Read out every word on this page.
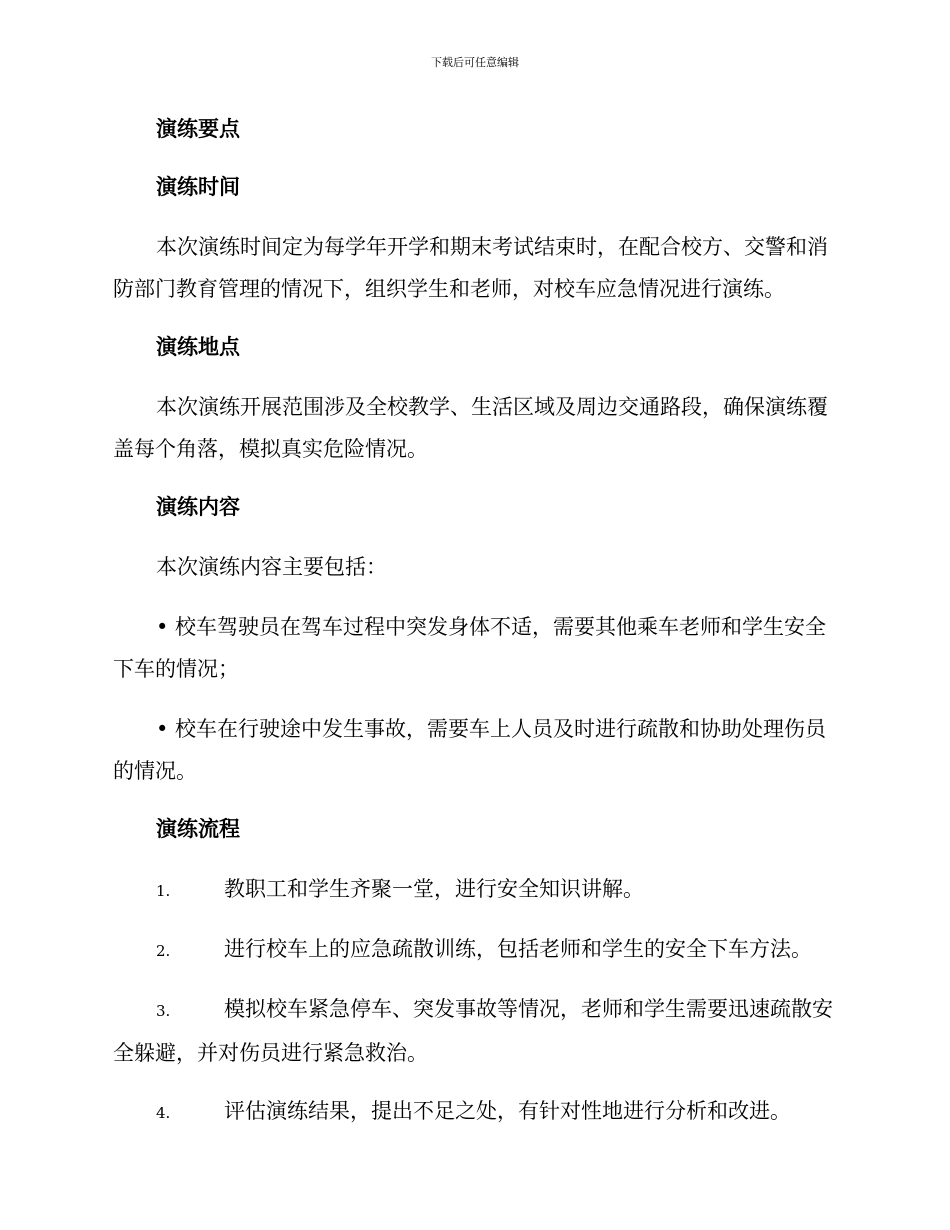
下载后可任意编辑

演练要点

演练时间

本次演练时间定为每学年开学和期末考试结束时，在配合校方、交警和消防部门教育管理的情况下，组织学生和老师，对校车应急情况进行演练。

演练地点

本次演练开展范围涉及全校教学、生活区域及周边交通路段，确保演练覆盖每个角落，模拟真实危险情况。

演练内容

本次演练内容主要包括：

• 校车驾驶员在驾车过程中突发身体不适，需要其他乘车老师和学生安全下车的情况；

• 校车在行驶途中发生事故，需要车上人员及时进行疏散和协助处理伤员的情况。

演练流程

1.	教职工和学生齐聚一堂，进行安全知识讲解。

2.	进行校车上的应急疏散训练，包括老师和学生的安全下车方法。

3.	模拟校车紧急停车、突发事故等情况，老师和学生需要迅速疏散安全躲避，并对伤员进行紧急救治。

4.	评估演练结果，提出不足之处，有针对性地进行分析和改进。
